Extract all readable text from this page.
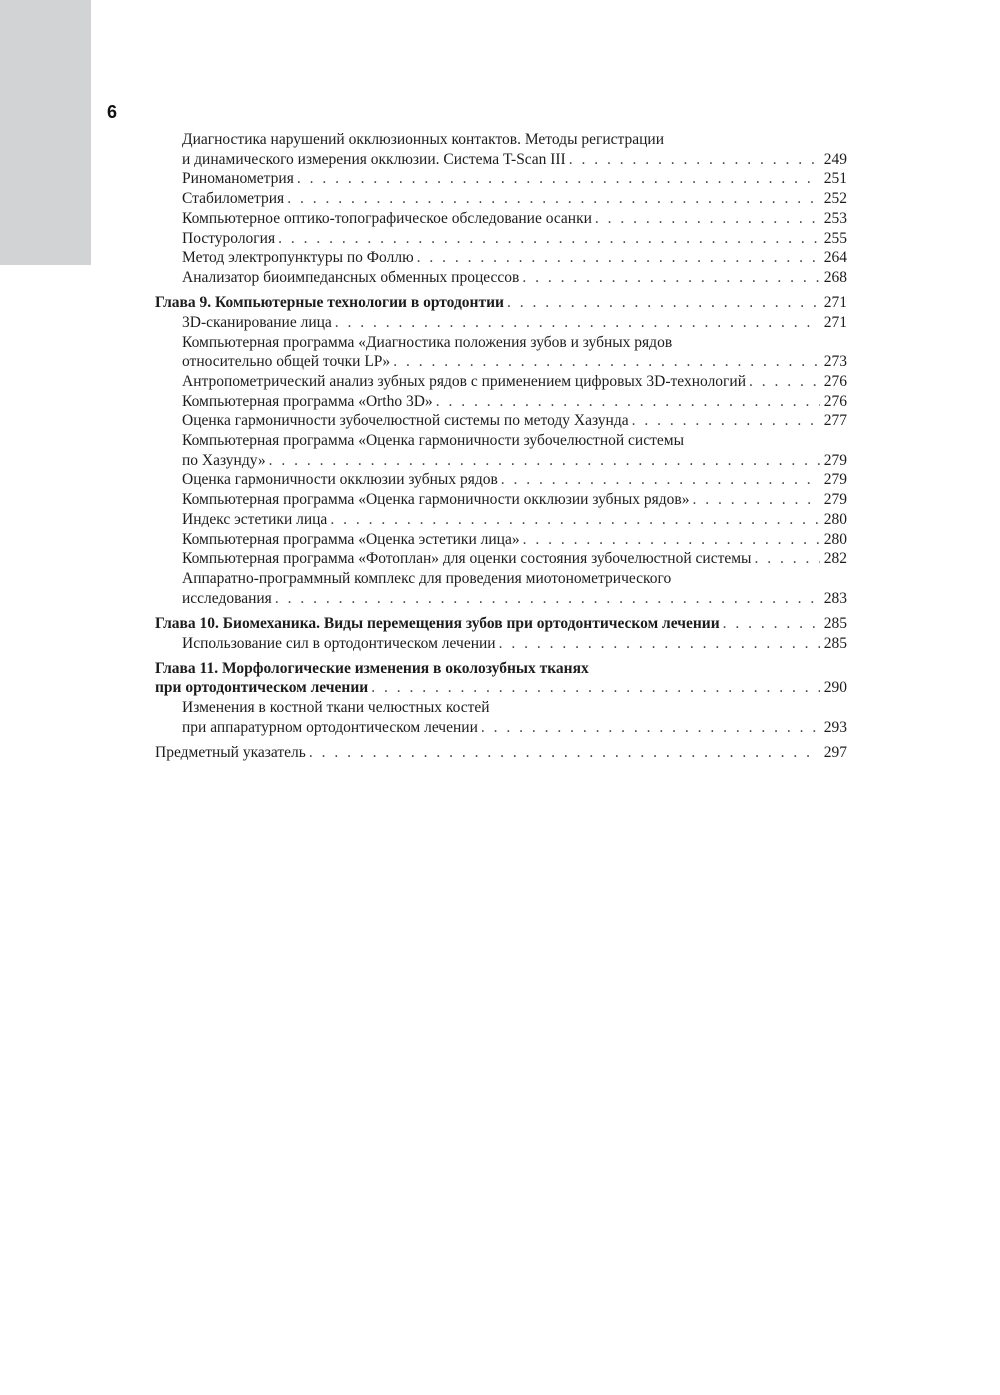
6
Диагностика нарушений окклюзионных контактов. Методы регистрации
и динамического измерения окклюзии. Система T-Scan III . . .	249
Риноманометрия . . .	251
Стабилометрия . . .	252
Компьютерное оптико-топографическое обследование осанки . . .	253
Постурология . . .	255
Метод электропунктуры по Фоллю . . .	264
Анализатор биоимпедансных обменных процессов . . .	268
Глава 9. Компьютерные технологии в ортодонтии . . .	271
3D-сканирование лица . . .	271
Компьютерная программа «Диагностика положения зубов и зубных рядов
относительно общей точки LP» . . .	273
Антропометрический анализ зубных рядов с применением цифровых 3D-технологий . . .	276
Компьютерная программа «Ortho 3D» . . .	276
Оценка гармоничности зубочелюстной системы по методу Хазунда . . .	277
Компьютерная программа «Оценка гармоничности зубочелюстной системы
по Хазунду» . . .	279
Оценка гармоничности окклюзии зубных рядов . . .	279
Компьютерная программа «Оценка гармоничности окклюзии зубных рядов» . . .	279
Индекс эстетики лица . . .	280
Компьютерная программа «Оценка эстетики лица» . . .	280
Компьютерная программа «Фотоплан» для оценки состояния зубочелюстной системы . . .	282
Аппаратно-программный комплекс для проведения миотонометрического
исследования . . .	283
Глава 10. Биомеханика. Виды перемещения зубов при ортодонтическом лечении . . .	285
Использование сил в ортодонтическом лечении . . .	285
Глава 11. Морфологические изменения в околозубных тканях
при ортодонтическом лечении . . .	290
Изменения в костной ткани челюстных костей
при аппаратурном ортодонтическом лечении . . .	293
Предметный указатель . . .	297
